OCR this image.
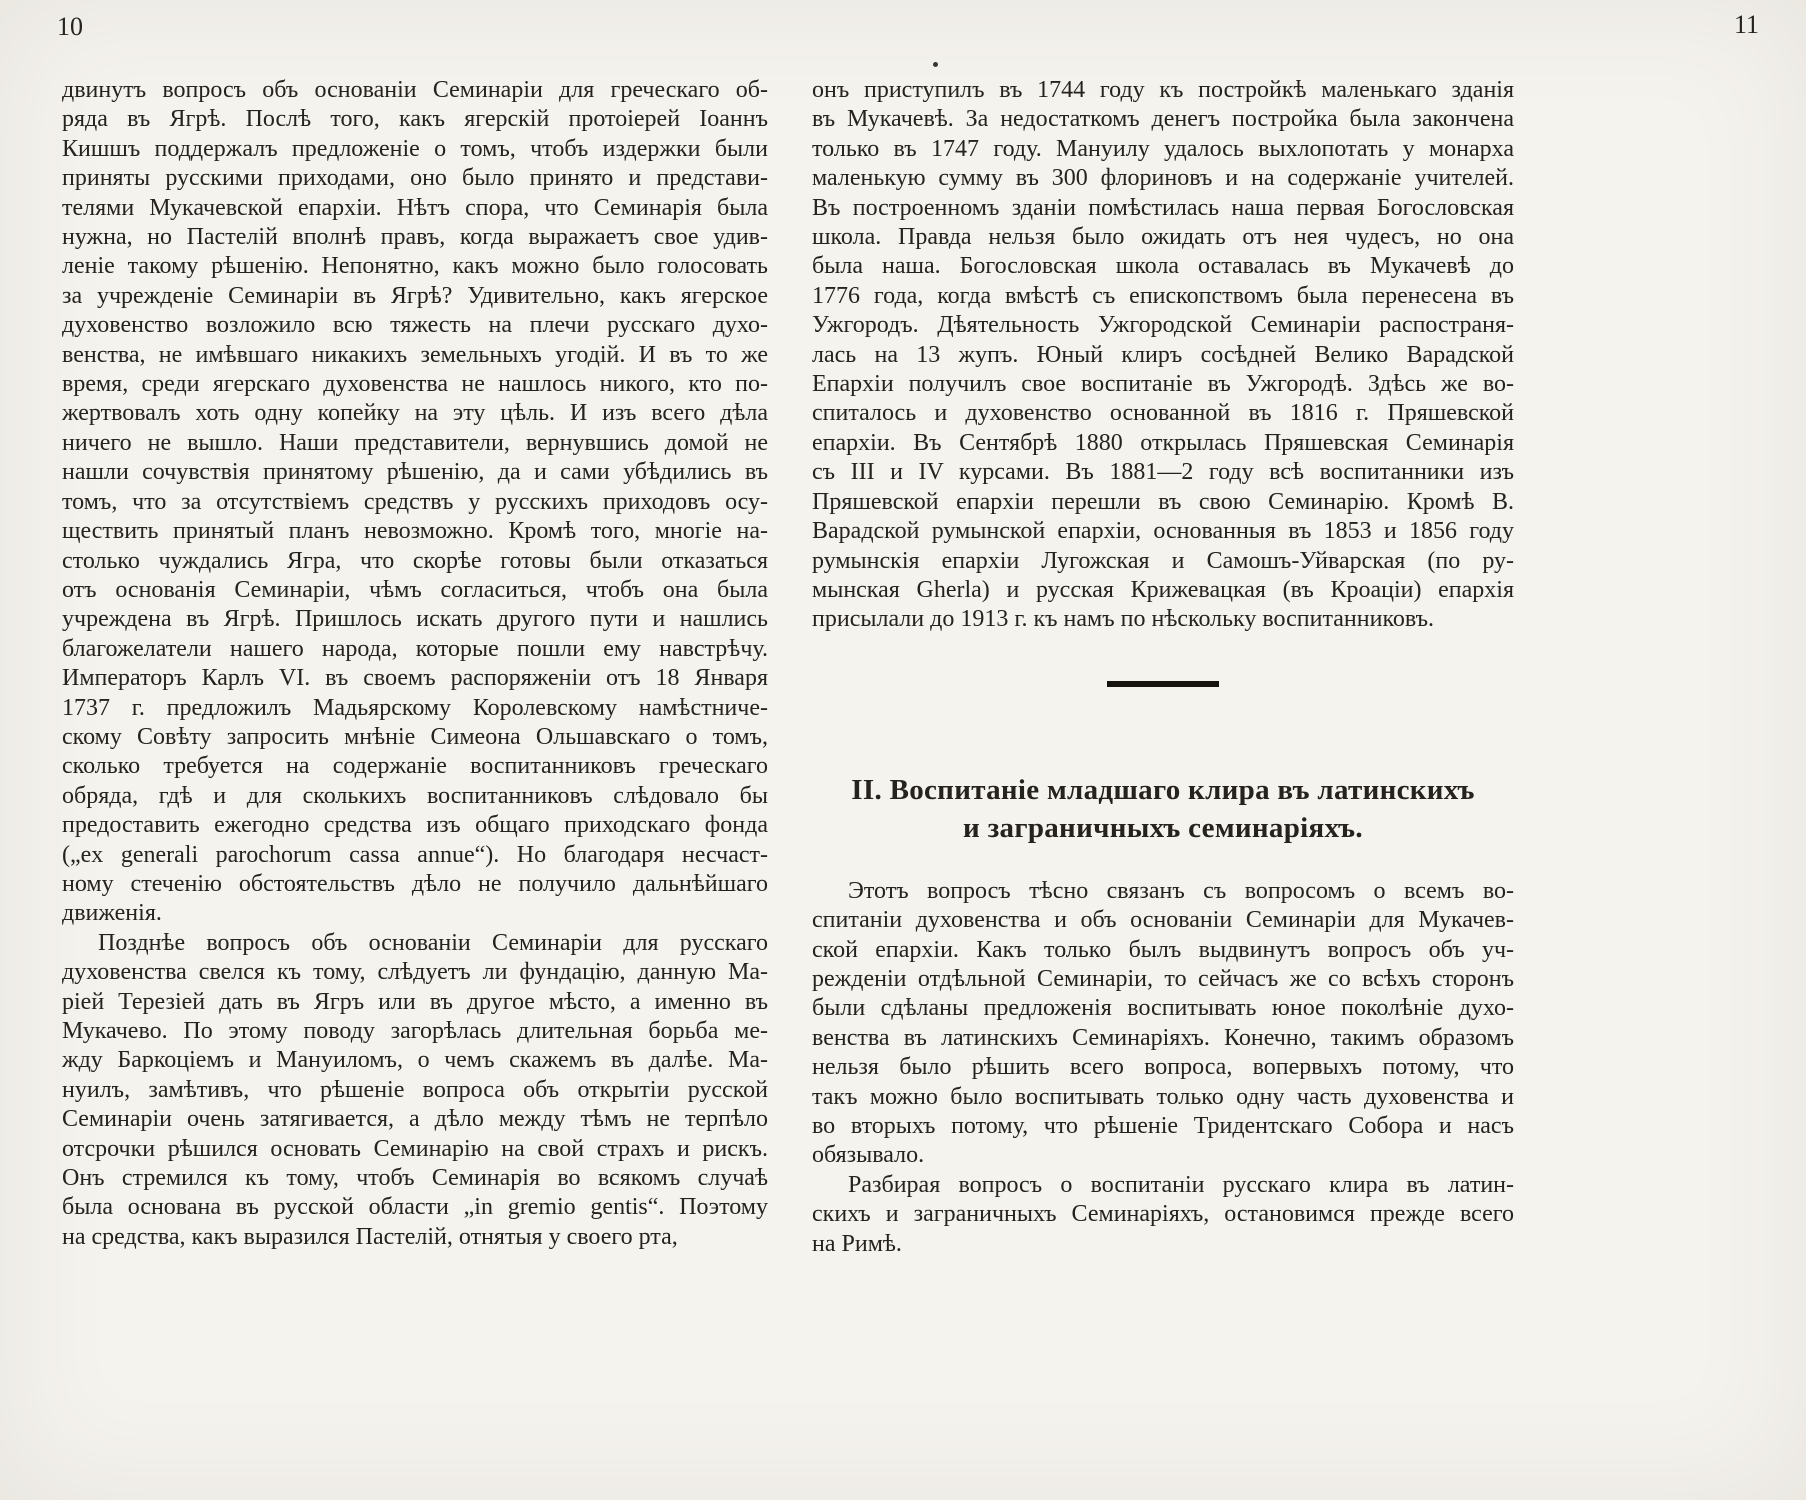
10	11
двинутъ вопросъ объ основаніи Семинаріи для греческаго об-
ряда въ Ягрѣ. Послѣ того, какъ ягерскій протоіерей Іоаннъ
Кишшъ поддержалъ предложеніе о томъ, чтобъ издержки были
приняты русскими приходами, оно было принято и представи-
телями Мукачевской епархіи. Нѣтъ спора, что Семинарія была
нужна, но Пастелій вполнѣ правъ, когда выражаетъ свое удив-
леніе такому рѣшенію. Непонятно, какъ можно было голосовать
за учрежденіе Семинаріи въ Ягрѣ? Удивительно, какъ ягерское
духовенство возложило всю тяжесть на плечи русскаго духо-
венства, не имѣвшаго никакихъ земельныхъ угодій. И въ то же
время, среди ягерскаго духовенства не нашлось никого, кто по-
жертвовалъ хоть одну копейку на эту цѣль. И изъ всего дѣла
ничего не вышло. Наши представители, вернувшись домой не
нашли сочувствія принятому рѣшенію, да и сами убѣдились въ
томъ, что за отсутствіемъ средствъ у русскихъ приходовъ осу-
ществить принятый планъ невозможно. Кромѣ того, многіе на-
столько чуждались Ягра, что скорѣе готовы были отказаться
отъ основанія Семинаріи, чѣмъ согласиться, чтобъ она была
учреждена въ Ягрѣ. Пришлось искать другого пути и нашлись
благожелатели нашего народа, которые пошли ему навстрѣчу.
Императоръ Карлъ VI. въ своемъ распоряженіи отъ 18 Января
1737 г. предложилъ Мадьярскому Королевскому намѣстниче-
скому Совѣту запросить мнѣніе Симеона Ольшавскаго о томъ,
сколько требуется на содержаніе воспитанниковъ греческаго
обряда, гдѣ и для сколькихъ воспитанниковъ слѣдовало бы
предоставить ежегодно средства изъ общаго приходскаго фонда
(„ex generali parochorum cassa annue“). Но благодаря несчаст-
ному стеченію обстоятельствъ дѣло не получило дальнѣйшаго
движенія.
Позднѣе вопросъ объ основаніи Семинаріи для русскаго
духовенства свелся къ тому, слѣдуетъ ли фундацію, данную Ма-
ріей Терезіей дать въ Ягръ или въ другое мѣсто, а именно въ
Мукачево. По этому поводу загорѣлась длительная борьба ме-
жду Баркоціемъ и Мануиломъ, о чемъ скажемъ въ далѣе. Ма-
нуилъ, замѣтивъ, что рѣшеніе вопроса объ открытіи русской
Семинаріи очень затягивается, а дѣло между тѣмъ не терпѣло
отсрочки рѣшился основать Семинарію на свой страхъ и рискъ.
Онъ стремился къ тому, чтобъ Семинарія во всякомъ случаѣ
была основана въ русской области „in gremio gentis“. Поэтому
на средства, какъ выразился Пастелій, отнятыя у своего рта,
онъ приступилъ въ 1744 году къ постройкѣ маленькаго зданія
въ Мукачевѣ. За недостаткомъ денегъ постройка была закончена
только въ 1747 году. Мануилу удалось выхлопотать у монарха
маленькую сумму въ 300 флориновъ и на содержаніе учителей.
Въ построенномъ зданіи помѣстилась наша первая Богословская
школа. Правда нельзя было ожидать отъ нея чудесъ, но она
была наша. Богословская школа оставалась въ Мукачевѣ до
1776 года, когда вмѣстѣ съ епископствомъ была перенесена въ
Ужгородъ. Дѣятельность Ужгородской Семинаріи распостраня-
лась на 13 жупъ. Юный клиръ сосѣдней Велико Варадской
Епархіи получилъ свое воспитаніе въ Ужгородѣ. Здѣсь же во-
спиталось и духовенство основанной въ 1816 г. Пряшевской
епархіи. Въ Сентябрѣ 1880 открылась Пряшевская Семинарія
съ III и IV курсами. Въ 1881—2 году всѣ воспитанники изъ
Пряшевской епархіи перешли въ свою Семинарію. Кромѣ В.
Варадской румынской епархіи, основанныя въ 1853 и 1856 году
румынскія епархіи Лугожская и Самошъ-Уйварская (по ру-
мынская Gherla) и русская Крижевацкая (въ Кроаціи) епархія
присылали до 1913 г. къ намъ по нѣскольку воспитанниковъ.
II. Воспитаніе младшаго клира въ латинскихъ
и заграничныхъ семинаріяхъ.
Этотъ вопросъ тѣсно связанъ съ вопросомъ о всемъ во-
спитаніи духовенства и объ основаніи Семинаріи для Мукачев-
ской епархіи. Какъ только былъ выдвинутъ вопросъ объ уч-
режденіи отдѣльной Семинаріи, то сейчасъ же со всѣхъ сторонъ
были сдѣланы предложенія воспитывать юное поколѣніе духо-
венства въ латинскихъ Семинаріяхъ. Конечно, такимъ образомъ
нельзя было рѣшить всего вопроса, вопервыхъ потому, что
такъ можно было воспитывать только одну часть духовенства и
во вторыхъ потому, что рѣшеніе Тридентскаго Собора и насъ
обязывало.
Разбирая вопросъ о воспитаніи русскаго клира въ латин-
скихъ и заграничныхъ Семинаріяхъ, остановимся прежде всего
на Римѣ.
